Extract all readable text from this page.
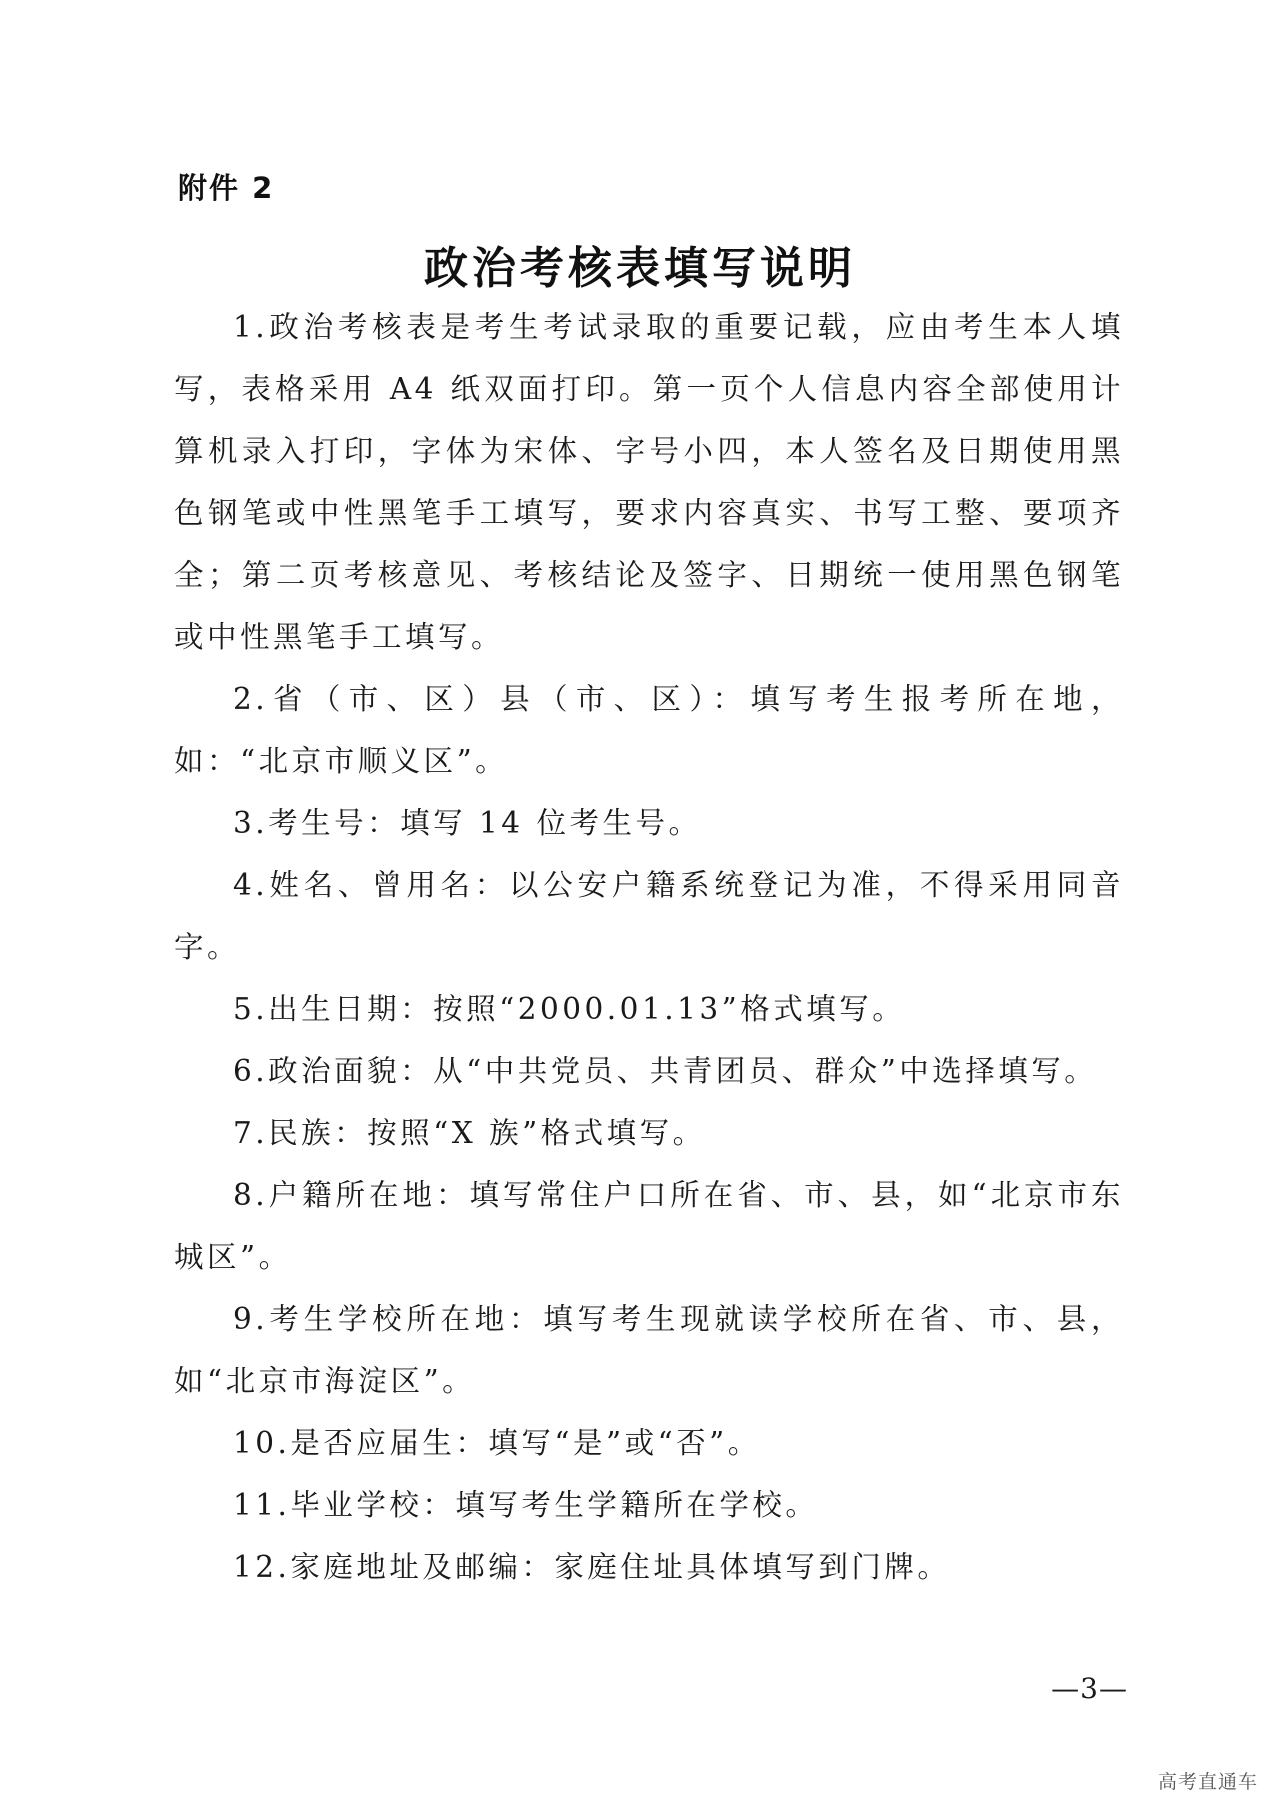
附件 2
政治考核表填写说明

1.政治考核表是考生考试录取的重要记载，应由考生本人填写，表格采用 A4 纸双面打印。第一页个人信息内容全部使用计算机录入打印，字体为宋体、字号小四，本人签名及日期使用黑色钢笔或中性黑笔手工填写，要求内容真实、书写工整、要项齐全；第二页考核意见、考核结论及签字、日期统一使用黑色钢笔或中性黑笔手工填写。

2.省（市、区）县（市、区）：填写考生报考所在地，如：“北京市顺义区”。

3.考生号：填写 14 位考生号。

4.姓名、曾用名：以公安户籍系统登记为准，不得采用同音字。

5.出生日期：按照“2000.01.13”格式填写。

6.政治面貌：从“中共党员、共青团员、群众”中选择填写。

7.民族：按照“X 族”格式填写。

8.户籍所在地：填写常住户口所在省、市、县，如“北京市东城区”。

9.考生学校所在地：填写考生现就读学校所在省、市、县，如“北京市海淀区”。

10.是否应届生：填写“是”或“否”。

11.毕业学校：填写考生学籍所在学校。

12.家庭地址及邮编：家庭住址具体填写到门牌。

—3—
高考直通车
